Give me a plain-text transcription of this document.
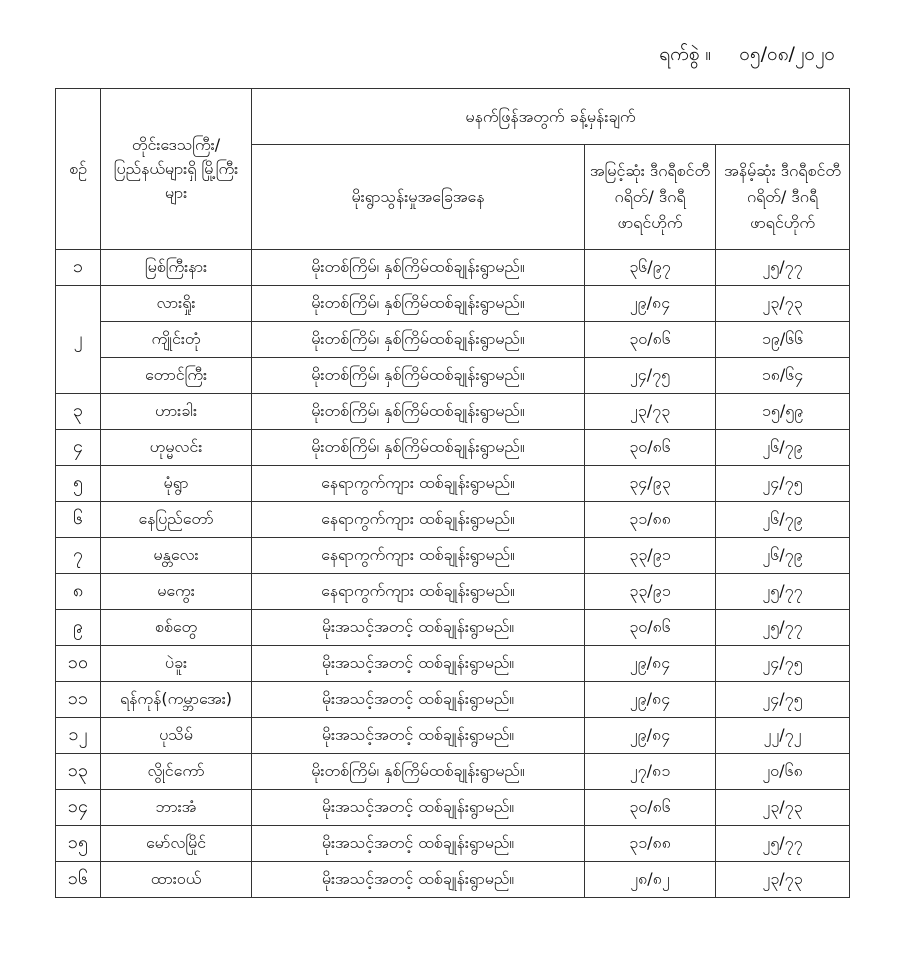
ရက်စွဲ ။ ၀၅/၀၈/၂၀၂၀
စဉ်	တိုင်းဒေသကြီး/ ပြည်နယ်များရှိ မြို့ကြီးများ	မနက်ဖြန်အတွက် ခန့်မှန်းချက်		
		မိုးရွာသွန်းမှုအခြေအနေ	အမြင့်ဆုံး ဒီဂရီစင်တီဂရိတ်/ ဒီဂရီဖာရင်ဟိုက်	အနိမ့်ဆုံး ဒီဂရီစင်တီဂရိတ်/ ဒီဂရီဖာရင်ဟိုက်

၁	မြစ်ကြီးနား	မိုးတစ်ကြိမ်၊ နှစ်ကြိမ်ထစ်ချုန်းရွာမည်။	၃၆/၉၇	၂၅/၇၇
၂	လားရှိုး	မိုးတစ်ကြိမ်၊ နှစ်ကြိမ်ထစ်ချုန်းရွာမည်။	၂၉/၈၄	၂၃/၇၃
	ကျိုင်းတုံ	မိုးတစ်ကြိမ်၊ နှစ်ကြိမ်ထစ်ချုန်းရွာမည်။	၃၀/၈၆	၁၉/၆၆
	တောင်ကြီး	မိုးတစ်ကြိမ်၊ နှစ်ကြိမ်ထစ်ချုန်းရွာမည်။	၂၄/၇၅	၁၈/၆၄
၃	ဟားခါး	မိုးတစ်ကြိမ်၊ နှစ်ကြိမ်ထစ်ချုန်းရွာမည်။	၂၃/၇၃	၁၅/၅၉
၄	ဟုမ္မလင်း	မိုးတစ်ကြိမ်၊ နှစ်ကြိမ်ထစ်ချုန်းရွာမည်။	၃၀/၈၆	၂၆/၇၉
၅	မုံရွာ	နေရာကွက်ကျား ထစ်ချုန်းရွာမည်။	၃၄/၉၃	၂၄/၇၅
၆	နေပြည်တော်	နေရာကွက်ကျား ထစ်ချုန်းရွာမည်။	၃၁/၈၈	၂၆/၇၉
၇	မန္တလေး	နေရာကွက်ကျား ထစ်ချုန်းရွာမည်။	၃၃/၉၁	၂၆/၇၉
၈	မကွေး	နေရာကွက်ကျား ထစ်ချုန်းရွာမည်။	၃၃/၉၁	၂၅/၇၇
၉	စစ်တွေ	မိုးအသင့်အတင့် ထစ်ချုန်းရွာမည်။	၃၀/၈၆	၂၅/၇၇
၁၀	ပဲခူး	မိုးအသင့်အတင့် ထစ်ချုန်းရွာမည်။	၂၉/၈၄	၂၄/၇၅
၁၁	ရန်ကုန်(ကမ္ဘာအေး)	မိုးအသင့်အတင့် ထစ်ချုန်းရွာမည်။	၂၉/၈၄	၂၄/၇၅
၁၂	ပုသိမ်	မိုးအသင့်အတင့် ထစ်ချုန်းရွာမည်။	၂၉/၈၄	၂၂/၇၂
၁၃	လွိုင်ကော်	မိုးတစ်ကြိမ်၊ နှစ်ကြိမ်ထစ်ချုန်းရွာမည်။	၂၇/၈၁	၂၀/၆၈
၁၄	ဘားအံ	မိုးအသင့်အတင့် ထစ်ချုန်းရွာမည်။	၃၀/၈၆	၂၃/၇၃
၁၅	မော်လမြိုင်	မိုးအသင့်အတင့် ထစ်ချုန်းရွာမည်။	၃၁/၈၈	၂၅/၇၇
၁၆	ထားဝယ်	မိုးအသင့်အတင့် ထစ်ချုန်းရွာမည်။	၂၈/၈၂	၂၃/၇၃
